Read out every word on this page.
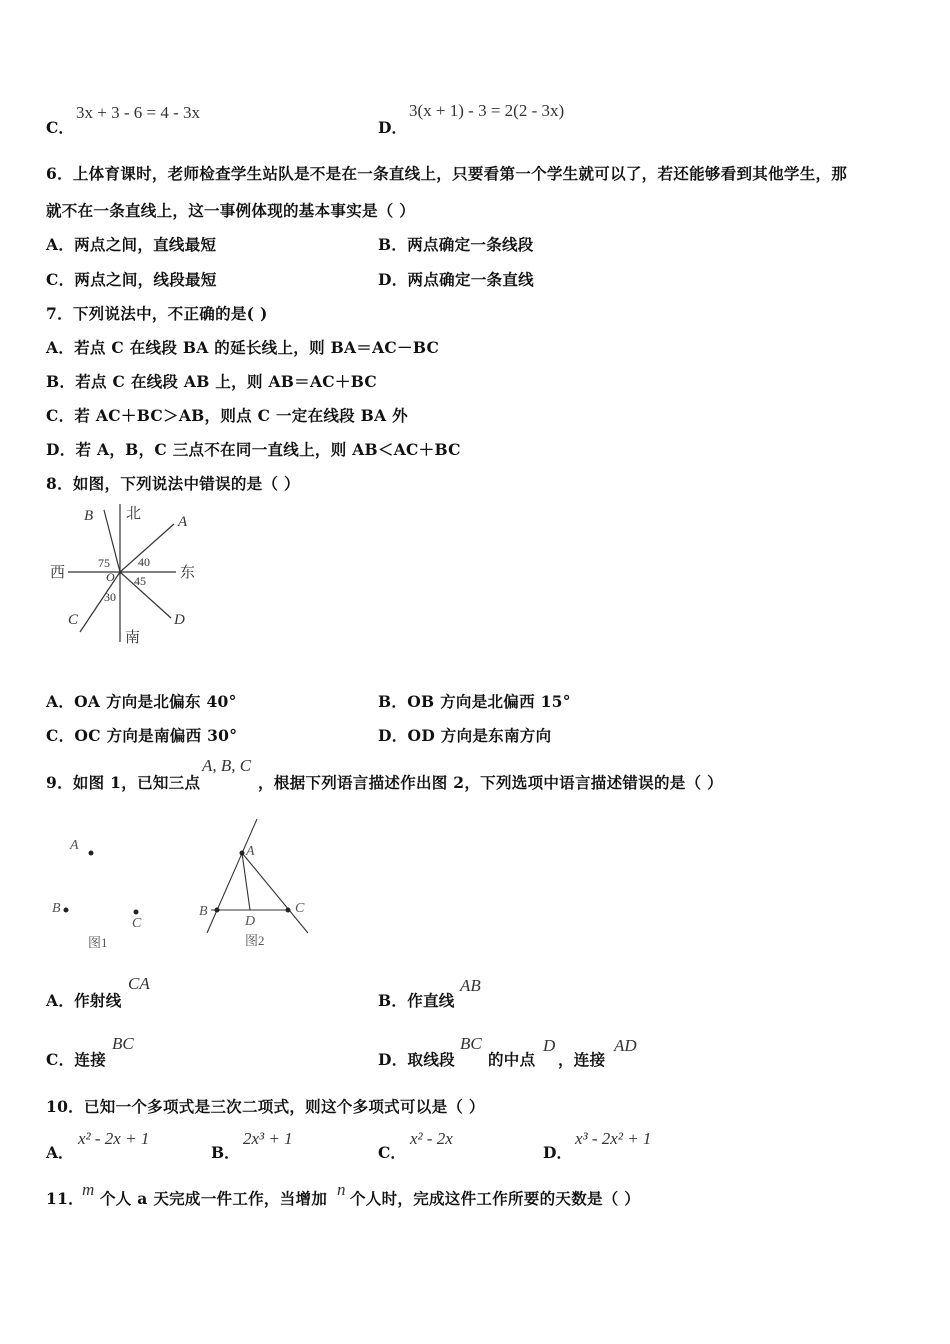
C．
3x + 3 - 6 = 4 - 3x
D．
3(x + 1) - 3 = 2(2 - 3x)
6．上体育课时，老师检查学生站队是不是在一条直线上，只要看第一个学生就可以了，若还能够看到其他学生，那
就不在一条直线上，这一事例体现的基本事实是（ ）
A．两点之间，直线最短	B．两点确定一条线段
C．两点之间，线段最短	D．两点确定一条直线
7．下列说法中，不正确的是( )
A．若点 C 在线段 BA 的延长线上，则 BA＝AC－BC
B．若点 C 在线段 AB 上，则 AB＝AC＋BC
C．若 AC＋BC＞AB，则点 C 一定在线段 BA 外
D．若 A，B，C 三点不在同一直线上，则 AB＜AC＋BC
8．如图，下列说法中错误的是（ ）
北
南
东
西
A
B
C	D
O
75 40
45
30
A．OA 方向是北偏东 40°	B．OB 方向是北偏西 15°
C．OC 方向是南偏西 30°	D．OD 方向是东南方向
9．如图 1，已知三点
A, B, C
，根据下列语言描述作出图 2，下列选项中语言描述错误的是（ ）
A
B
C
图1
A
B	C
D
图2
A．作射线
CA
B．作直线
AB
C．连接
BC
D．取线段
BC
的中点
D
，连接
AD
10．已知一个多项式是三次二项式，则这个多项式可以是（ ）
A．
x² - 2x + 1
B．
2x³ + 1
C．
x² - 2x
D．
x³ - 2x² + 1
11．
m 个人 a 天完成一件工作，当增加 n 个人时，完成这件工作所要的天数是（ ）
